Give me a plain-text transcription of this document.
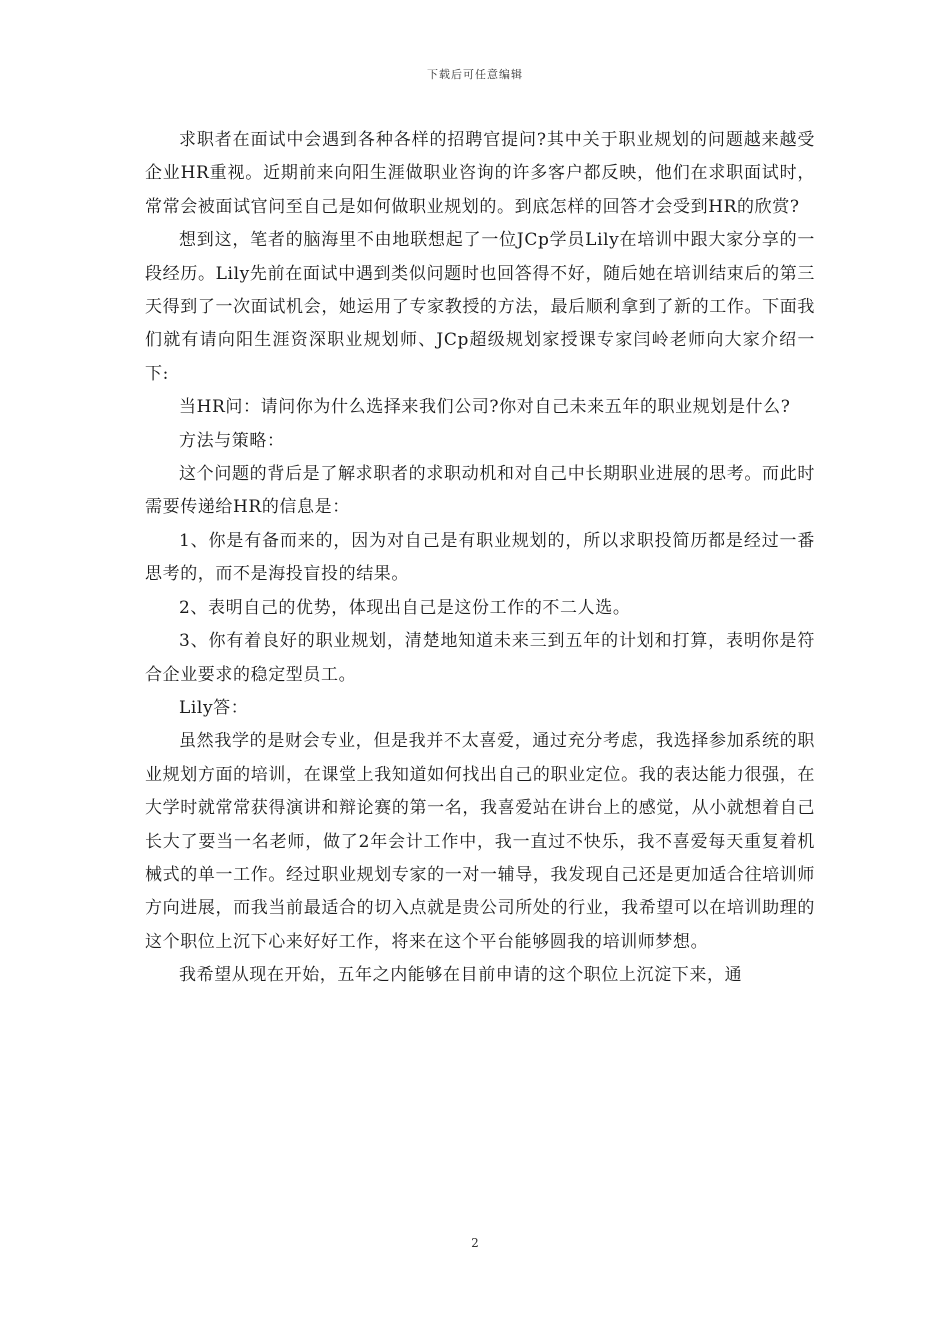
下载后可任意编辑

求职者在面试中会遇到各种各样的招聘官提问?其中关于职业规划的问题越来越受企业HR重视。近期前来向阳生涯做职业咨询的许多客户都反映，他们在求职面试时，常常会被面试官问至自己是如何做职业规划的。到底怎样的回答才会受到HR的欣赏?

想到这，笔者的脑海里不由地联想起了一位JCp学员Lily在培训中跟大家分享的一段经历。Lily先前在面试中遇到类似问题时也回答得不好，随后她在培训结束后的第三天得到了一次面试机会，她运用了专家教授的方法，最后顺利拿到了新的工作。下面我们就有请向阳生涯资深职业规划师、JCp超级规划家授课专家闫岭老师向大家介绍一下:

当HR问：请问你为什么选择来我们公司?你对自己未来五年的职业规划是什么?

方法与策略：

这个问题的背后是了解求职者的求职动机和对自己中长期职业进展的思考。而此时需要传递给HR的信息是：

1、你是有备而来的，因为对自己是有职业规划的，所以求职投简历都是经过一番思考的，而不是海投盲投的结果。

2、表明自己的优势，体现出自己是这份工作的不二人选。

3、你有着良好的职业规划，清楚地知道未来三到五年的计划和打算，表明你是符合企业要求的稳定型员工。

Lily答：

虽然我学的是财会专业，但是我并不太喜爱，通过充分考虑，我选择参加系统的职业规划方面的培训，在课堂上我知道如何找出自己的职业定位。我的表达能力很强，在大学时就常常获得演讲和辩论赛的第一名，我喜爱站在讲台上的感觉，从小就想着自己长大了要当一名老师，做了2年会计工作中，我一直过不快乐，我不喜爱每天重复着机械式的单一工作。经过职业规划专家的一对一辅导，我发现自己还是更加适合往培训师方向进展，而我当前最适合的切入点就是贵公司所处的行业，我希望可以在培训助理的这个职位上沉下心来好好工作，将来在这个平台能够圆我的培训师梦想。

我希望从现在开始，五年之内能够在目前申请的这个职位上沉淀下来，通

2
